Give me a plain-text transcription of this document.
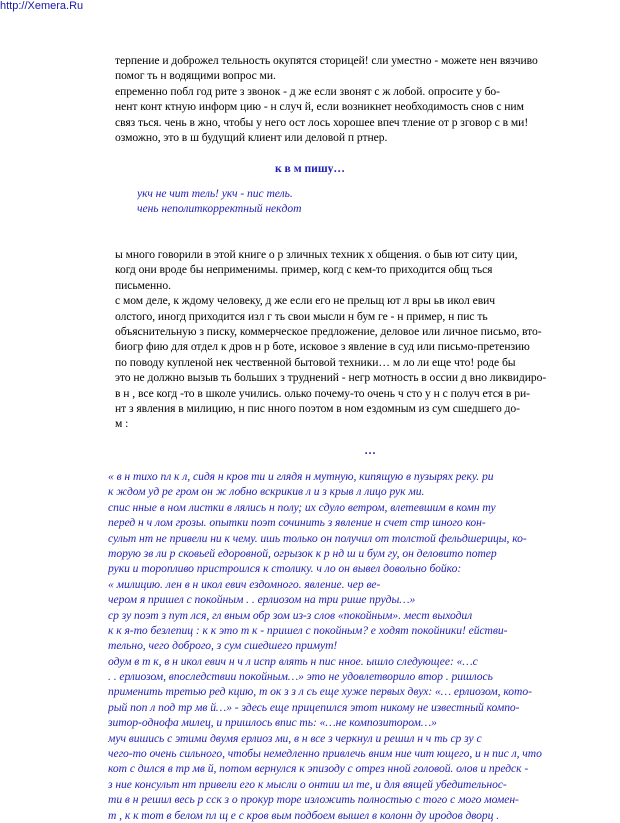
http://Xemera.Ru
терпение и доброжел тельность окупятся сторицей! сли уместно - можете нен вязчиво
помог ть н водящими вопрос ми.
епременно побл год рите з звонок - д же если звонят с ж лобой. опросите у бо-
нент конт ктную информ цию - н случ й, если возникнет необходимость снов с ним
связ ться. чень в жно, чтобы у него ост лось хорошее впеч тление от р зговор с в ми!
озможно, это в ш будущий клиент или деловой п ртнер.
к в м пишу…
укч не чит тель! укч - пис тель.
чень неполиткорректный некдот
ы много говорили в этой книге о р зличных техник х общения. о быв ют ситу ции,
когд они вроде бы неприменимы. пример, когд с кем-то приходится общ ться
письменно.
с мом деле, к ждому человеку, д же если его не прельщ ют л вры ьв икол евич
олстого, иногд приходится изл г ть свои мысли н бум ге - н пример, н пис ть
объяснительную з писку, коммерческое предложение, деловое или личное письмо, вто-
биогр фию для отдел к дров н р боте, исковое з явление в суд или письмо-претензию
по поводу купленой нек чественной бытовой техники… м ло ли еще что! роде бы
это не должно вызыв ть больших з труднений - негр мотность в оссии д вно ликвидиро-
в н , все когд -то в школе учились. олько почему-то очень ч сто у н с получ ется в ри-
нт з явления в милицию, н пис нного поэтом в ном ездомным из сум сшедшего до-
м :
…
« в н тихо пл к л, сидя н кров ти и глядя н мутную, кипящую в пузырях реку. ри
к ждом уд ре гром он ж лобно вскрикив л и з крыв л лицо рук ми.
спис нные в ном листки в лялись н полу; их сдуло ветром, влетевшим в комн ту
перед н ч лом грозы. опытки поэт сочинить з явление н счет стр шного кон-
сульт нт не привели ни к чему. ишь только он получил от толстой фельдшерицы, ко-
торую зв ли р сковьей едоровной, огрызок к р нд ш и бум гу, он деловито потер
руки и торопливо пристроился к столику. ч ло он вывел довольно бойко:
« милицию. лен в н икол евич ездомного. явление. чер ве-
чером я пришел с покойным . . ерлиозом на три рише пруды…»
ср зу поэт з пут лся, гл вным обр зом из-з слов «покойным». мест выходил
к к я-то безлепиц : к к это т к - пришел с покойным? е ходят покойники! ействи-
тельно, чего доброго, з сум сшедшего примут!
одум в т к, в н икол евич н ч л испр влять н пис нное. ышло следующее: «…с
. . ерлиозом, впоследствии покойным…» это не удовлетворило втор . ришлось
применить третью ред кцию, т ок з з л сь еще хуже первых двух: «… ерлиозом, кото-
рый поп л под тр мв й…» - здесь еще прицепился этот никому не известный компо-
зитор-однофа милец, и пришлось впис ть: «…не композитором…»
муч вишись с этими двумя ерлиоз ми, в н все з черкнул и решил н ч ть ср зу с
чего-то очень сильного, чтобы немедленно привлечь вним ние чит ющего, и н пис л, что
кот с дился в тр мв й, потом вернулся к эпизоду с отрез нной головой. олов и предск -
з ние консульт нт привели его к мысли о онтии ил те, и для вящей убедительнос-
ти в н решил весь р сск з о прокур торе изложить полностью с того с мого момен-
т , к к тот в белом пл щ е с кров вым подбоем вышел в колонн ду иродов дворц .
